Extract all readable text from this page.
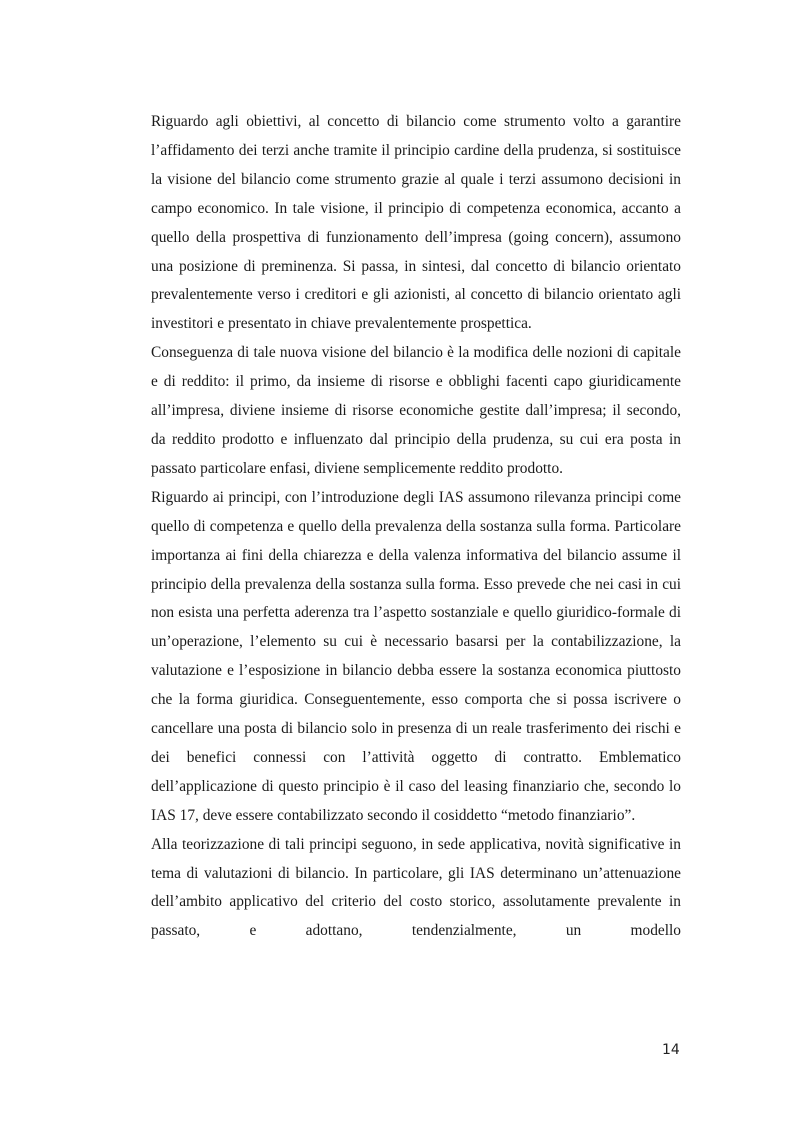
Riguardo agli obiettivi, al concetto di bilancio come strumento volto a garantire l’affidamento dei terzi anche tramite il principio cardine della prudenza, si sostituisce la visione del bilancio come strumento grazie al quale i terzi assumono decisioni in campo economico. In tale visione, il principio di competenza economica, accanto a quello della prospettiva di funzionamento dell’impresa (going concern), assumono una posizione di preminenza. Si passa, in sintesi, dal concetto di bilancio orientato prevalentemente verso i creditori e gli azionisti, al concetto di bilancio orientato agli investitori e presentato in chiave prevalentemente prospettica.

Conseguenza di tale nuova visione del bilancio è la modifica delle nozioni di capitale e di reddito: il primo, da insieme di risorse e obblighi facenti capo giuridicamente all’impresa, diviene insieme di risorse economiche gestite dall’impresa; il secondo, da reddito prodotto e influenzato dal principio della prudenza, su cui era posta in passato particolare enfasi, diviene semplicemente reddito prodotto.

Riguardo ai principi, con l’introduzione degli IAS assumono rilevanza principi come quello di competenza e quello della prevalenza della sostanza sulla forma. Particolare importanza ai fini della chiarezza e della valenza informativa del bilancio assume il principio della prevalenza della sostanza sulla forma. Esso prevede che nei casi in cui non esista una perfetta aderenza tra l’aspetto sostanziale e quello giuridico-formale di un’operazione, l’elemento su cui è necessario basarsi per la contabilizzazione, la valutazione e l’esposizione in bilancio debba essere la sostanza economica piuttosto che la forma giuridica. Conseguentemente, esso comporta che si possa iscrivere o cancellare una posta di bilancio solo in presenza di un reale trasferimento dei rischi e dei benefici connessi con l’attività oggetto di contratto. Emblematico dell’applicazione di questo principio è il caso del leasing finanziario che, secondo lo IAS 17, deve essere contabilizzato secondo il cosiddetto “metodo finanziario”.

Alla teorizzazione di tali principi seguono, in sede applicativa, novità significative in tema di valutazioni di bilancio. In particolare, gli IAS determinano un’attenuazione dell’ambito applicativo del criterio del costo storico, assolutamente prevalente in passato, e adottano, tendenzialmente, un modello

14
